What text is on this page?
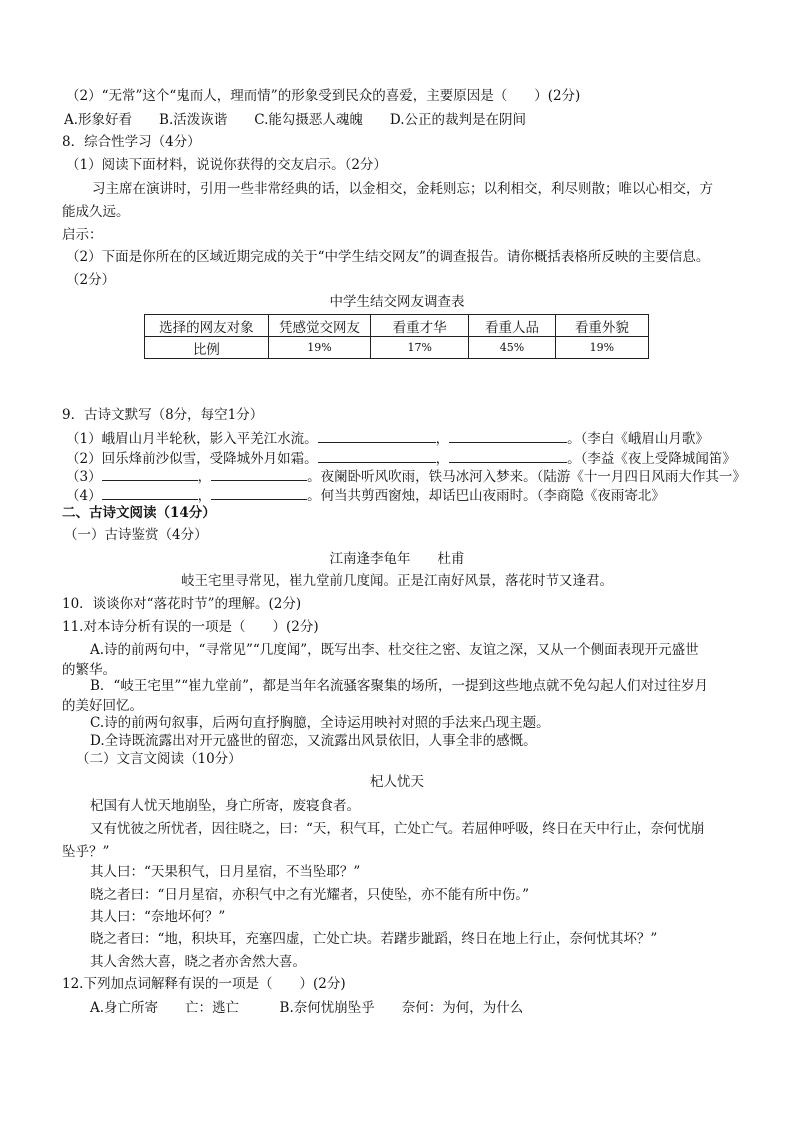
（2）“无常”这个“鬼而人，理而情”的形象受到民众的喜爱，主要原因是（　　）(2分)
A.形象好看　　B.活泼诙谐　　C.能勾摄恶人魂魄　　D.公正的裁判是在阴间
8．综合性学习（4分）
（1）阅读下面材料，说说你获得的交友启示。（2分）
习主席在演讲时，引用一些非常经典的话，以金相交，金耗则忘；以利相交，利尽则散；唯以心相交，方
能成久远。
启示：
（2）下面是你所在的区域近期完成的关于“中学生结交网友”的调查报告。请你概括表格所反映的主要信息。
（2分）
中学生结交网友调查表
选择的网友对象	凭感觉交网友	看重才华	看重人品	看重外貌
比例	19%	17%	45%	19%
9．古诗文默写（8分，每空1分）
（1）峨眉山月半轮秋，影入平羌江水流。	，	。（李白《峨眉山月歌》
（2）回乐烽前沙似雪，受降城外月如霜。	，	。（李益《夜上受降城闻笛》
（3）	，	。夜阑卧听风吹雨，铁马冰河入梦来。（陆游《十一月四日风雨大作其一》
（4）	，	。何当共剪西窗烛，却话巴山夜雨时。（李商隐《夜雨寄北》
二、古诗文阅读（14分）
（一）古诗鉴赏（4分）
江南逢李龟年　　杜甫
岐王宅里寻常见，崔九堂前几度闻。正是江南好风景，落花时节又逢君。
10．谈谈你对“落花时节”的理解。(2分)
11.对本诗分析有误的一项是（　　）(2分)
A.诗的前两句中，“寻常见”“几度闻”，既写出李、杜交往之密、友谊之深，又从一个侧面表现开元盛世
的繁华。
B．“岐王宅里”“崔九堂前”，都是当年名流骚客聚集的场所，一提到这些地点就不免勾起人们对过往岁月
的美好回忆。
C.诗的前两句叙事，后两句直抒胸臆，全诗运用映衬对照的手法来凸现主题。
D.全诗既流露出对开元盛世的留恋，又流露出风景依旧，人事全非的感慨。
（二）文言文阅读（10分）
杞人忧天
杞国有人忧天地崩坠，身亡所寄，废寝食者。
又有忧彼之所忧者，因往晓之，曰：“天，积气耳，亡处亡气。若屈伸呼吸，终日在天中行止，奈何忧崩
坠乎？”
其人曰：“天果积气，日月星宿，不当坠耶？”
晓之者曰：“日月星宿，亦积气中之有光耀者，只使坠，亦不能有所中伤。”
其人曰：“奈地坏何？”
晓之者曰：“地，积块耳，充塞四虚，亡处亡块。若躇步跐蹈，终日在地上行止，奈何忧其坏？”
其人舍然大喜，晓之者亦舍然大喜。
12.下列加点词解释有误的一项是（　　）(2分)
A.身亡所寄　　亡：逃亡　　　B.奈何忧崩坠乎　　奈何：为何，为什么
